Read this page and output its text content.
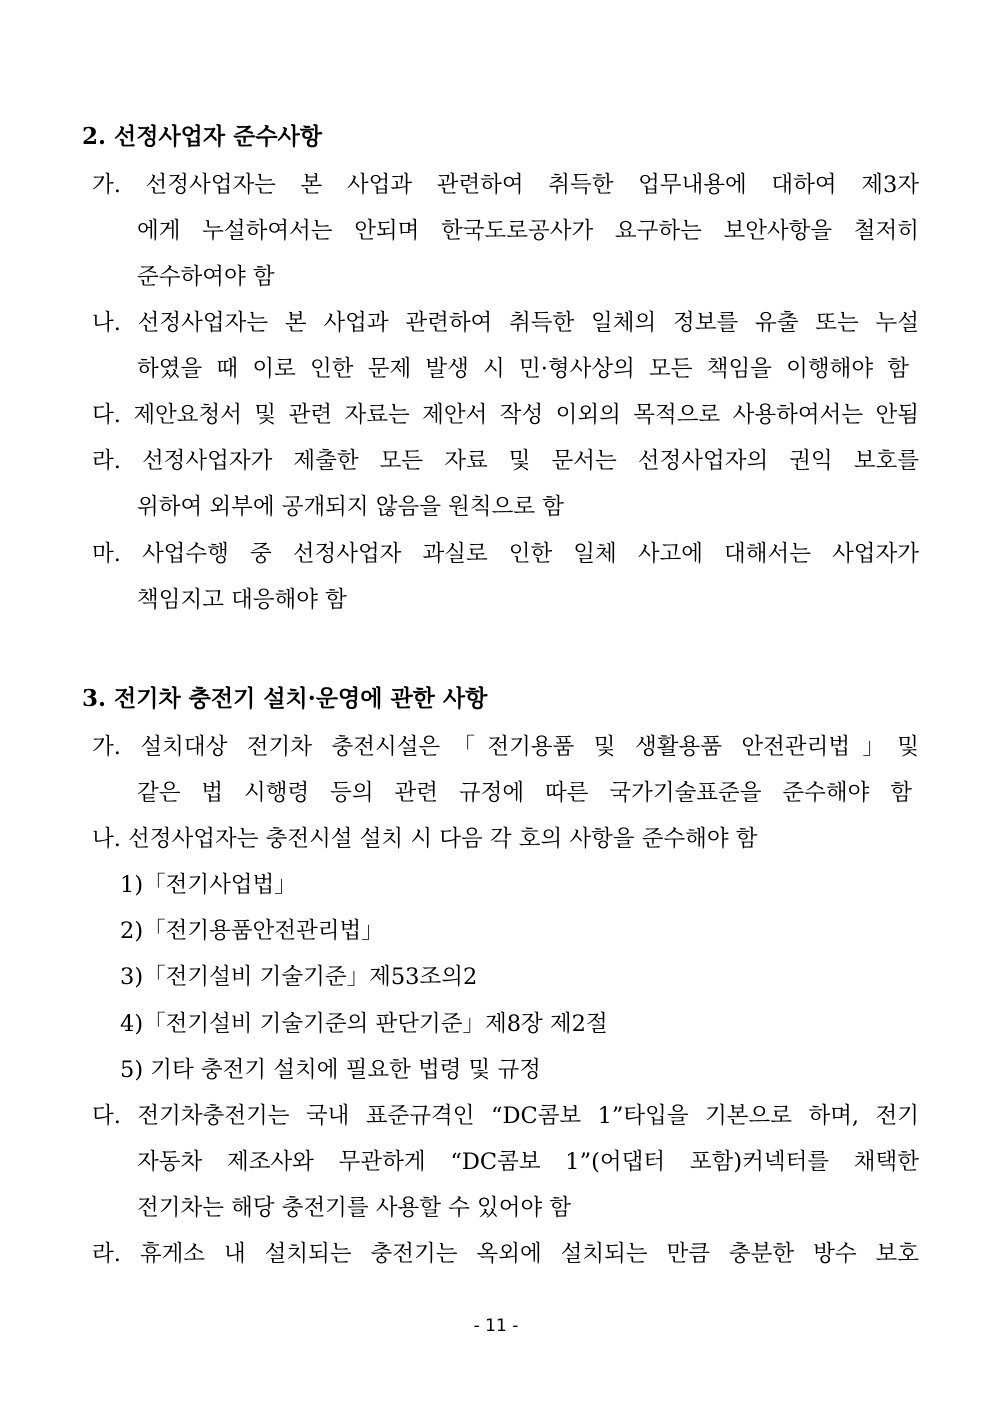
2. 선정사업자 준수사항
가. 선정사업자는 본 사업과 관련하여 취득한 업무내용에 대하여 제3자
에게 누설하여서는 안되며 한국도로공사가 요구하는 보안사항을 철저히
준수하여야 함
나. 선정사업자는 본 사업과 관련하여 취득한 일체의 정보를 유출 또는 누설
하였을 때 이로 인한 문제 발생 시 민·형사상의 모든 책임을 이행해야 함
다. 제안요청서 및 관련 자료는 제안서 작성 이외의 목적으로 사용하여서는 안됨
라. 선정사업자가 제출한 모든 자료 및 문서는 선정사업자의 권익 보호를
위하여 외부에 공개되지 않음을 원칙으로 함
마. 사업수행 중 선정사업자 과실로 인한 일체 사고에 대해서는 사업자가
책임지고 대응해야 함
3. 전기차 충전기 설치·운영에 관한 사항
가. 설치대상 전기차 충전시설은「전기용품 및 생활용품 안전관리법」및
같은 법 시행령 등의 관련 규정에 따른 국가기술표준을 준수해야 함
나. 선정사업자는 충전시설 설치 시 다음 각 호의 사항을 준수해야 함
1)「전기사업법」
2)「전기용품안전관리법」
3)「전기설비 기술기준」제53조의2
4)「전기설비 기술기준의 판단기준」제8장 제2절
5) 기타 충전기 설치에 필요한 법령 및 규정
다. 전기차충전기는 국내 표준규격인 “DC콤보 1”타입을 기본으로 하며, 전기
자동차 제조사와 무관하게 “DC콤보 1”(어댑터 포함)커넥터를 채택한
전기차는 해당 충전기를 사용할 수 있어야 함
라. 휴게소 내 설치되는 충전기는 옥외에 설치되는 만큼 충분한 방수 보호
- 11 -
